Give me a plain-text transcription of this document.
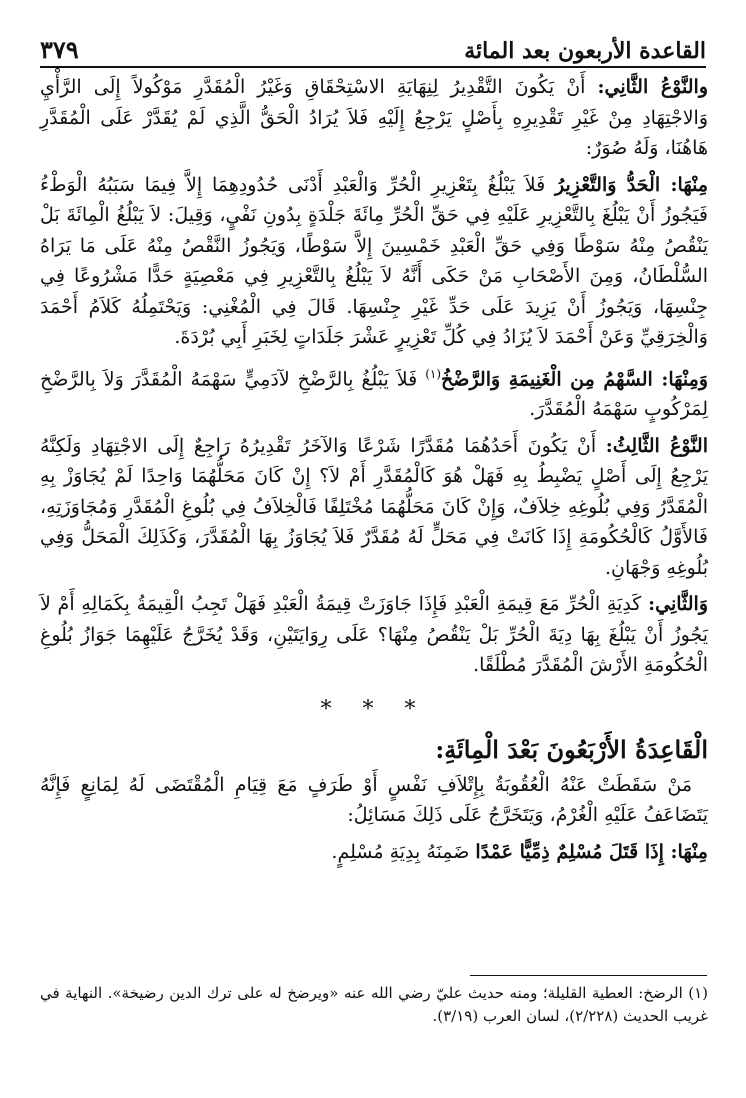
القاعدة الأربعون بعد المائة
٣٧٩

والنَّوْعُ الثَّانِي: أَنْ يَكُونَ التَّقْدِيرُ لِنِهَايَةِ الاسْتِحْقَاقِ وَغَيْرُ الْمُقَدَّرِ مَوْكُولاً إِلَى الرَّأْيِ وَالاجْتِهَادِ مِنْ غَيْرِ تَقْدِيرِهِ بِأَصْلٍ يَرْجِعُ إِلَيْهِ فَلاَ يُرَادُ الْحَقُّ الَّذِي لَمْ يُقَدَّرْ عَلَى الْمُقَدَّرِ هَاهُنَا، وَلَهُ صُوَرٌ:

مِنْهَا: الْحَدُّ وَالتَّعْزِيرُ فَلاَ يَبْلُغُ بِتَعْزِيرِ الْحُرِّ وَالْعَبْدِ أَدْنَى حُدُودِهِمَا إِلاَّ فِيمَا سَبَبُهُ الْوَطْءُ فَيَجُوزُ أَنْ يَبْلُغَ بِالتَّعْزِيرِ عَلَيْهِ فِي حَقِّ الْحُرِّ مِائَةَ جَلْدَةٍ بِدُونِ نَفْيٍ، وَقِيلَ: لاَ يَبْلُغُ الْمِائَةَ بَلْ يَنْقُصُ مِنْهُ سَوْطًا وَفِي حَقِّ الْعَبْدِ خَمْسِينَ إِلاَّ سَوْطًا، وَيَجُوزُ النَّقْصُ مِنْهُ عَلَى مَا يَرَاهُ السُّلْطَانُ، وَمِنَ الأَصْحَابِ مَنْ حَكَى أَنَّهُ لاَ يَبْلُغُ بِالتَّعْزِيرِ فِي مَعْصِيَةٍ حَدًّا مَشْرُوعًا فِي جِنْسِهَا، وَيَجُوزُ أَنْ يَزِيدَ عَلَى حَدِّ غَيْرِ جِنْسِهَا. قَالَ فِي الْمُغْنِي: وَيَحْتَمِلُهُ كَلاَمُ أَحْمَدَ وَالْخِرَقِيِّ وَعَنْ أَحْمَدَ لاَ يُزَادُ فِي كُلِّ تَعْزِيرٍ عَشْرَ جَلَدَاتٍ لِخَبَرِ أَبِي بُرْدَةَ.

وَمِنْهَا: السَّهْمُ مِن الْغَنِيمَةِ وَالرَّضْخُ$^{(١)}$ فَلاَ يَبْلُغُ بِالرَّضْخِ لآدَمِيٍّ سَهْمَهُ الْمُقَدَّرَ وَلاَ بِالرَّضْخِ لِمَرْكُوبٍ سَهْمَهُ الْمُقَدَّرَ.

النَّوْعُ الثَّالِثُ: أَنْ يَكُونَ أَحَدُهُمَا مُقَدَّرًا شَرْعًا وَالآخَرُ تَقْدِيرُهُ رَاجِعٌ إِلَى الاجْتِهَادِ وَلَكِنَّهُ يَرْجِعُ إِلَى أَصْلٍ يَضْبِطُ بِهِ فَهَلْ هُوَ كَالْمُقَدَّرِ أَمْ لاَ؟ إِنْ كَانَ مَحَلُّهُمَا وَاحِدًا لَمْ يُجَاوَزْ بِهِ الْمُقَدَّرُ وَفِي بُلُوغِهِ خِلاَفٌ، وَإِنْ كَانَ مَحَلُّهُمَا مُخْتَلِفًا فَالْخِلاَفُ فِي بُلُوغِ الْمُقَدَّرِ وَمُجَاوَزَتِهِ، فَالأَوَّلُ كَالْحُكُومَةِ إِذَا كَانَتْ فِي مَحَلٍّ لَهُ مُقَدَّرٌ فَلاَ يُجَاوَزُ بِهَا الْمُقَدَّرَ، وَكَذَلِكَ الْمَحَلُّ وَفِي بُلُوغِهِ وَجْهَانِ.

وَالثَّانِي: كَدِيَةِ الْحُرِّ مَعَ قِيمَةِ الْعَبْدِ فَإِذَا جَاوَزَتْ قِيمَةُ الْعَبْدِ فَهَلْ تَجِبُ الْقِيمَةُ بِكَمَالِهِ أَمْ لاَ يَجُوزُ أَنْ يَبْلُغَ بِهَا دِيَةَ الْحُرِّ بَلْ يَنْقُصُ مِنْهَا؟ عَلَى رِوَايَتَيْنِ، وَقَدْ يُخَرَّجُ عَلَيْهِمَا جَوَازُ بُلُوغِ الْحُكُومَةِ الأَرْشَ الْمُقَدَّرَ مُطْلَقًا.

* * *
الْقَاعِدَةُ الأَرْبَعُونَ بَعْدَ الْمِائَةِ:

مَنْ سَقَطَتْ عَنْهُ الْعُقُوبَةُ بِإِتْلاَفِ نَفْسٍ أَوْ طَرَفٍ مَعَ قِيَامِ الْمُقْتَضَى لَهُ لِمَانِعٍ فَإِنَّهُ يَتَضَاعَفُ عَلَيْهِ الْغُرْمُ، وَيَتَخَرَّجُ عَلَى ذَلِكَ مَسَائِلُ:

مِنْهَا: إِذَا قَتَلَ مُسْلِمٌ ذِمِّيًّا عَمْدًا ضَمِنَهُ بِدِيَةِ مُسْلِمٍ.

(١) الرضخ: العطية القليلة؛ ومنه حديث عليّ رضي الله عنه «ويرضخ له على ترك الدين رضيخة». النهاية في غريب الحديث (٢/٢٢٨)، لسان العرب (٣/١٩).
